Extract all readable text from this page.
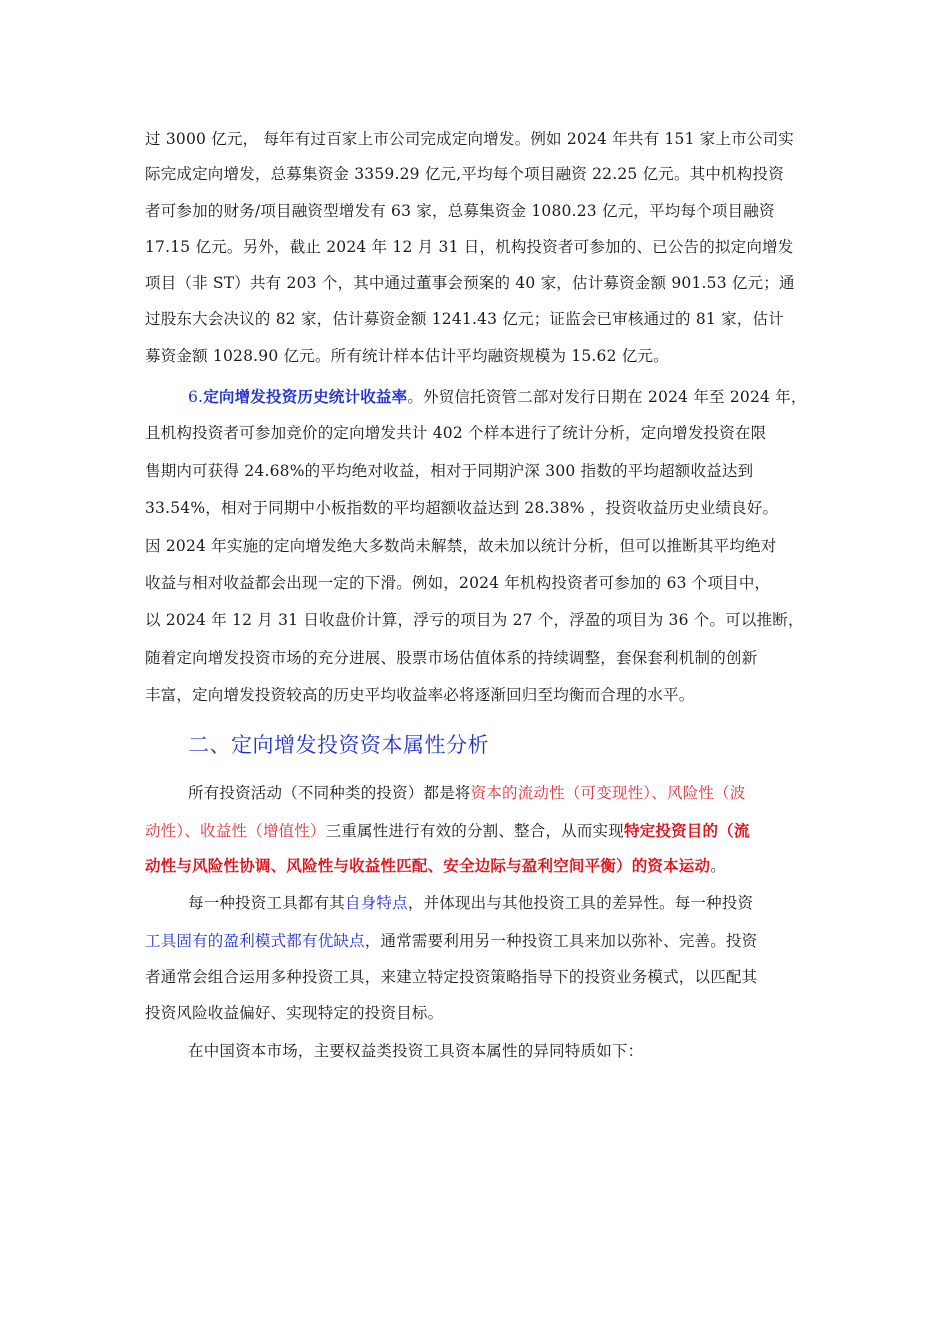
过 3000 亿元， 每年有过百家上市公司完成定向增发。例如 2024 年共有 151 家上市公司实
际完成定向增发，总募集资金 3359.29 亿元,平均每个项目融资 22.25 亿元。其中机构投资
者可参加的财务/项目融资型增发有 63 家，总募集资金 1080.23 亿元，平均每个项目融资
17.15 亿元。另外，截止 2024 年 12 月 31 日，机构投资者可参加的、已公告的拟定向增发
项目（非 ST）共有 203 个，其中通过董事会预案的 40 家，估计募资金额 901.53 亿元；通
过股东大会决议的 82 家，估计募资金额 1241.43 亿元；证监会已审核通过的 81 家，估计
募资金额 1028.90 亿元。所有统计样本估计平均融资规模为 15.62 亿元。
6.定向增发投资历史统计收益率。外贸信托资管二部对发行日期在 2024 年至 2024 年，
且机构投资者可参加竞价的定向增发共计 402 个样本进行了统计分析，定向增发投资在限
售期内可获得 24.68%的平均绝对收益，相对于同期沪深 300 指数的平均超额收益达到
33.54%，相对于同期中小板指数的平均超额收益达到 28.38% ，投资收益历史业绩良好。
因 2024 年实施的定向增发绝大多数尚未解禁，故未加以统计分析，但可以推断其平均绝对
收益与相对收益都会出现一定的下滑。例如，2024 年机构投资者可参加的 63 个项目中，
以 2024 年 12 月 31 日收盘价计算，浮亏的项目为 27 个，浮盈的项目为 36 个。可以推断，
随着定向增发投资市场的充分进展、股票市场估值体系的持续调整，套保套利机制的创新
丰富，定向增发投资较高的历史平均收益率必将逐渐回归至均衡而合理的水平。
二、定向增发投资资本属性分析
所有投资活动（不同种类的投资）都是将资本的流动性（可变现性）、风险性（波
动性）、收益性（增值性）三重属性进行有效的分割、整合，从而实现特定投资目的（流
动性与风险性协调、风险性与收益性匹配、安全边际与盈利空间平衡）的资本运动。
每一种投资工具都有其自身特点，并体现出与其他投资工具的差异性。每一种投资
工具固有的盈利模式都有优缺点，通常需要利用另一种投资工具来加以弥补、完善。投资
者通常会组合运用多种投资工具，来建立特定投资策略指导下的投资业务模式，以匹配其
投资风险收益偏好、实现特定的投资目标。
在中国资本市场，主要权益类投资工具资本属性的异同特质如下：
